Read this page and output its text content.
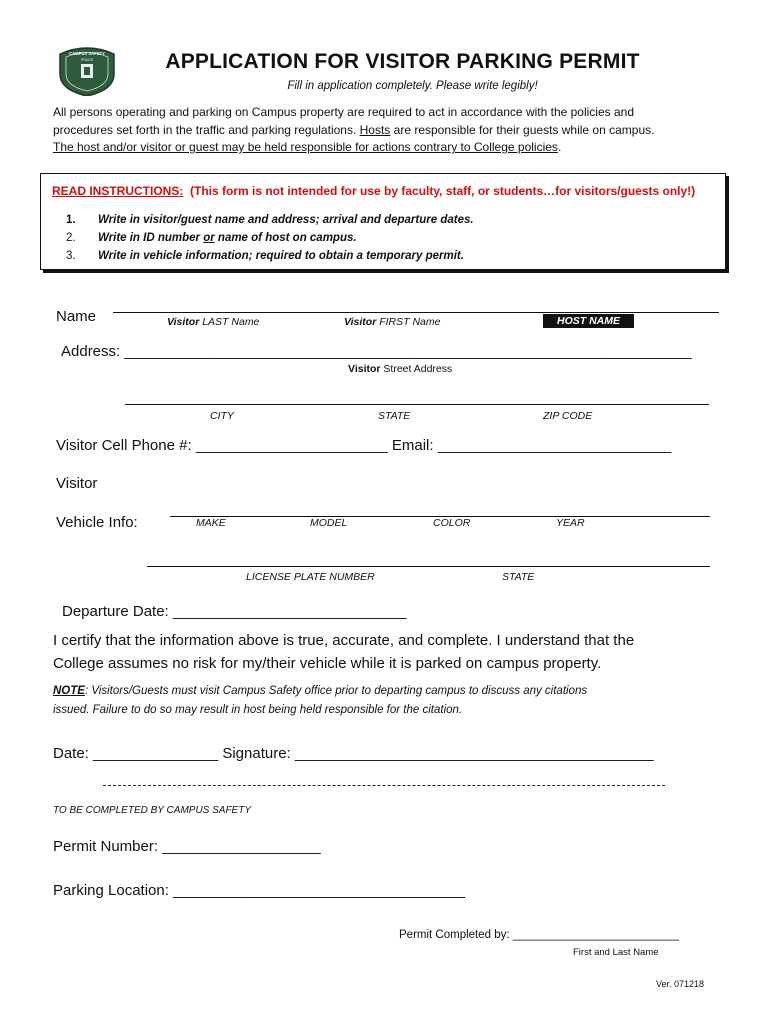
CAMPUS SAFETY
POLICE	APPLICATION FOR VISITOR PARKING PERMIT
Fill in application completely. Please write legibly!
All persons operating and parking on Campus property are required to act in accordance with the policies and
procedures set forth in the traffic and parking regulations. Hosts are responsible for their guests while on campus.
The host and/or visitor or guest may be held responsible for actions contrary to College policies.
READ INSTRUCTIONS: (This form is not intended for use by faculty, staff, or students…for visitors/guests only!)
1. Write in visitor/guest name and address; arrival and departure dates.
2. Write in ID number or name of host on campus.
3. Write in vehicle information; required to obtain a temporary permit.
Name	Visitor LAST Name	Visitor FIRST Name	HOST NAME
Address: ____________________________________________________________________
Visitor Street Address
CITY	STATE	ZIP CODE
Visitor Cell Phone #: _______________________ Email: ____________________________
Visitor
Vehicle Info:	MAKE	MODEL	COLOR	YEAR
LICENSE PLATE NUMBER	STATE
Departure Date: ____________________________
I certify that the information above is true, accurate, and complete. I understand that the
College assumes no risk for my/their vehicle while it is parked on campus property.
NOTE: Visitors/Guests must visit Campus Safety office prior to departing campus to discuss any citations
issued. Failure to do so may result in host being held responsible for the citation.
Date: _______________ Signature: ___________________________________________
TO BE COMPLETED BY CAMPUS SAFETY
Permit Number: ___________________
Parking Location: ___________________________________
Permit Completed by: __________________________
First and Last Name
Ver. 071218
